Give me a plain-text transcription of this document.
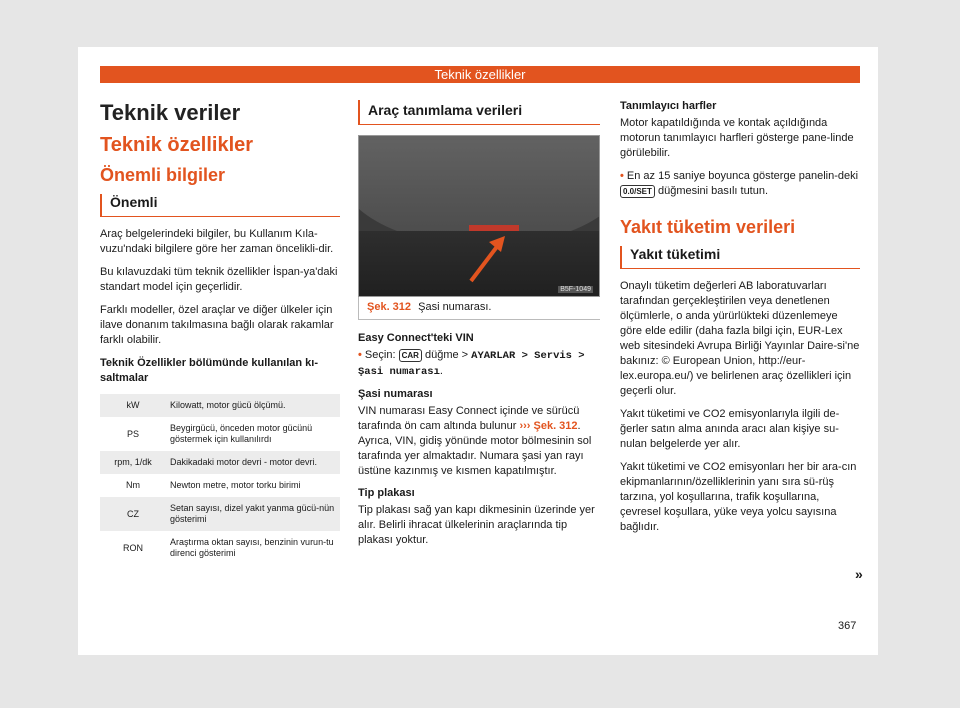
Teknik özellikler
Teknik veriler
Teknik özellikler
Önemli bilgiler
Önemli

Araç belgelerindeki bilgiler, bu Kullanım Kıla-vuzu'ndaki bilgilere göre her zaman öncelikli-dir.

Bu kılavuzdaki tüm teknik özellikler İspan-ya'daki standart model için geçerlidir.

Farklı modeller, özel araçlar ve diğer ülkeler için ilave donanım takılmasına bağlı olarak rakamlar farklı olabilir.

Teknik Özellikler bölümünde kullanılan kı-saltmalar

kW	Kilowatt, motor gücü ölçümü.
PS	Beygirgücü, önceden motor gücünü göstermek için kullanılırdı
rpm, 1/dk	Dakikadaki motor devri - motor devri.
Nm	Newton metre, motor torku birimi
CZ	Setan sayısı, dizel yakıt yanma gücü-nün gösterimi
RON	Araştırma oktan sayısı, benzinin vurun-tu direnci gösterimi
Araç tanımlama verileri
B5F-1049
Şek. 312 Şasi numarası.
Easy Connect'teki VIN

• Seçin: CAR düğme > AYARLAR > Servis > Şasi numarası.

Şasi numarası

VIN numarası Easy Connect içinde ve sürücü tarafında ön cam altında bulunur ››› Şek. 312. Ayrıca, VIN, gidiş yönünde motor bölmesinin sol tarafında yer almaktadır. Numara şasi yan rayı üstüne kazınmış ve kısmen kapatılmıştır.

Tip plakası

Tip plakası sağ yan kapı dikmesinin üzerinde yer alır. Belirli ihracat ülkelerinin araçlarında tip plakası yoktur.

Tanımlayıcı harfler

Motor kapatıldığında ve kontak açıldığında motorun tanımlayıcı harfleri gösterge pane-linde görülebilir.

• En az 15 saniye boyunca gösterge panelin-deki 0.0/SET düğmesini basılı tutun.

Yakıt tüketim verileri
Yakıt tüketimi

Onaylı tüketim değerleri AB laboratuvarları tarafından gerçekleştirilen veya denetlenen ölçümlerle, o anda yürürlükteki düzenlemeye göre elde edilir (daha fazla bilgi için, EUR-Lex web sitesindeki Avrupa Birliği Yayınlar Daire-si'ne bakınız: © European Union, http://eur-lex.europa.eu/) ve belirlenen araç özellikleri için geçerli olur.

Yakıt tüketimi ve CO2 emisyonlarıyla ilgili de-ğerler satın alma anında aracı alan kişiye su-nulan belgelerde yer alır.

Yakıt tüketimi ve CO2 emisyonları her bir ara-cın ekipmanlarının/özelliklerinin yanı sıra sü-rüş tarzına, yol koşullarına, trafik koşullarına, çevresel koşullara, yüke veya yolcu sayısına bağlıdır.

»
367
